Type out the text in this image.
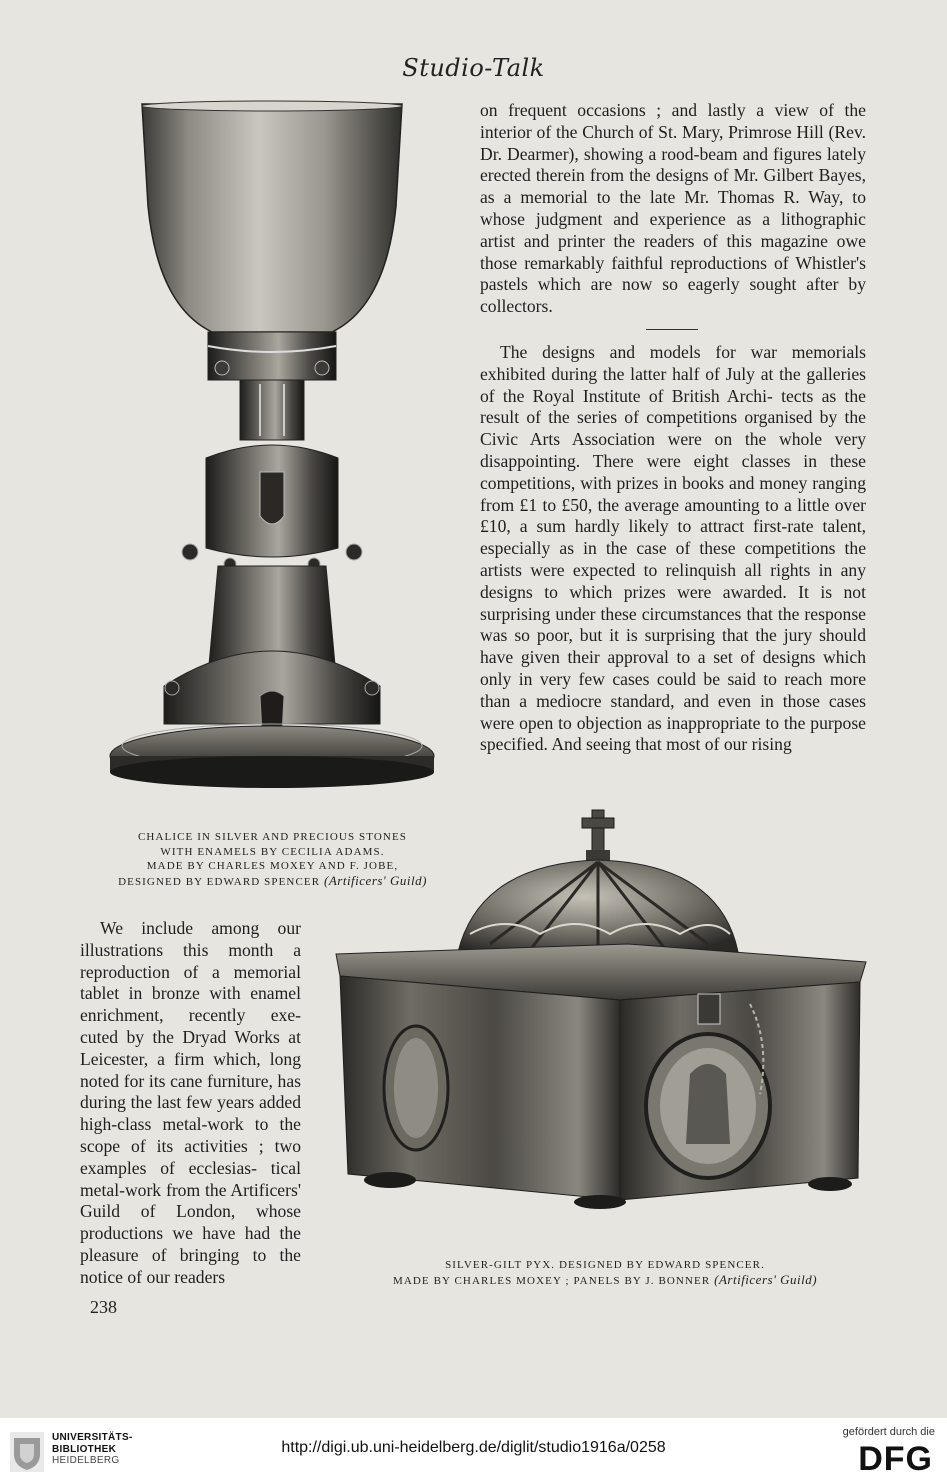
Studio-Talk

on frequent occasions ; and lastly a view of the interior of the Church of St. Mary, Primrose Hill (Rev. Dr. Dearmer), showing a rood-beam and figures lately erected therein from the designs of Mr. Gilbert Bayes, as a memorial to the late Mr. Thomas R. Way, to whose judgment and experience as a lithographic artist and printer the readers of this magazine owe those remarkably faithful reproductions of Whistler's pastels which are now so eagerly sought after by collectors.

The designs and models for war memorials exhibited during the latter half of July at the galleries of the Royal Institute of British Archi- tects as the result of the series of competitions organised by the Civic Arts Association were on the whole very disappointing. There were eight classes in these competitions, with prizes in books and money ranging from £1 to £50, the average amounting to a little over £10, a sum hardly likely to attract first-rate talent, especially as in the case of these competitions the artists were expected to relinquish all rights in any designs to which prizes were awarded. It is not surprising under these circumstances that the response was so poor, but it is surprising that the jury should have given their approval to a set of designs which only in very few cases could be said to reach more than a mediocre standard, and even in those cases were open to objection as inappropriate to the purpose specified. And seeing that most of our rising

CHALICE IN SILVER AND PRECIOUS STONES
WITH ENAMELS BY CECILIA ADAMS.
MADE BY CHARLES MOXEY AND F. JOBE,
DESIGNED BY EDWARD SPENCER (Artificers' Guild)

We include among our illustrations this month a reproduction of a memorial tablet in bronze with enamel enrichment, recently exe- cuted by the Dryad Works at Leicester, a firm which, long noted for its cane furniture, has during the last few years added high-class metal-work to the scope of its activities ; two examples of ecclesias- tical metal-work from the Artificers' Guild of London, whose productions we have had the pleasure of bringing to the notice of our readers

SILVER-GILT PYX. DESIGNED BY EDWARD SPENCER.
MADE BY CHARLES MOXEY ; PANELS BY J. BONNER (Artificers' Guild)

238
UNIVERSITÄTS-
BIBLIOTHEK
HEIDELBERG
http://digi.ub.uni-heidelberg.de/diglit/studio1916a/0258
gefördert durch die
DFG
